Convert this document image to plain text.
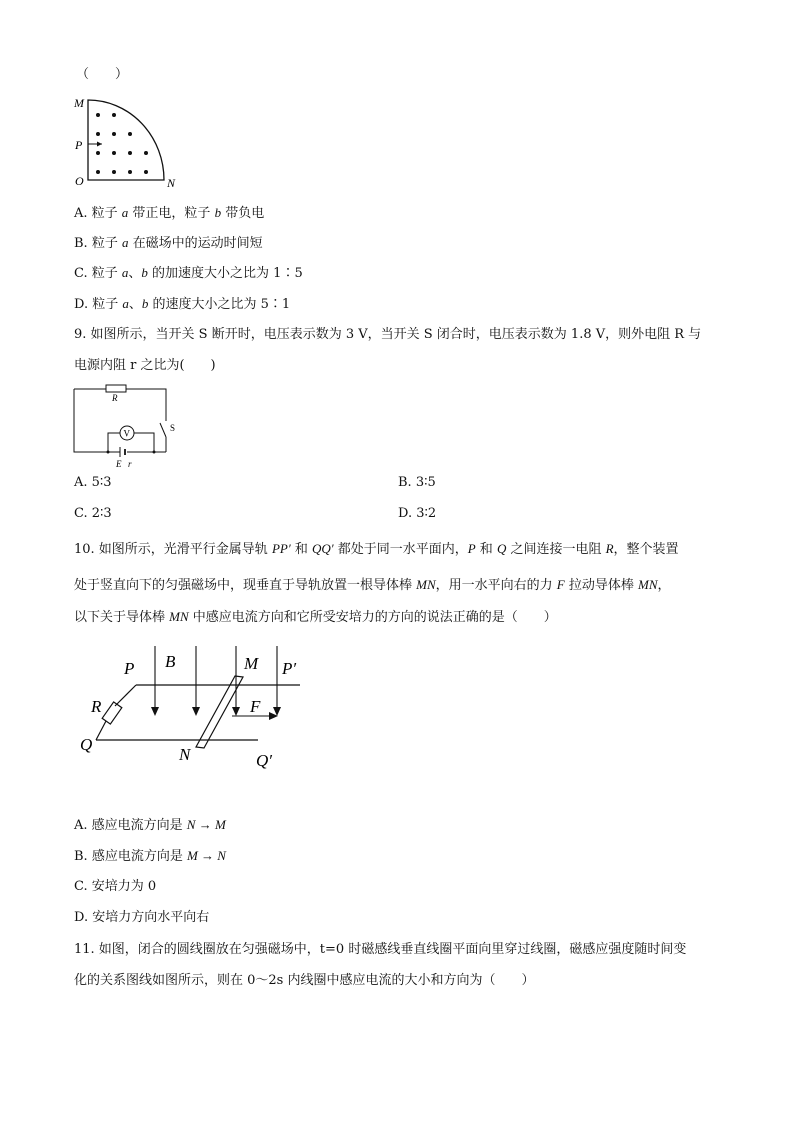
（　　）
M
P
O	N
A. 粒子 a 带正电，粒子 b 带负电
B. 粒子 a 在磁场中的运动时间短
C. 粒子 a、b 的加速度大小之比为 1∶5
D. 粒子 a、b 的速度大小之比为 5∶1
9. 如图所示，当开关 S 断开时，电压表示数为 3 V，当开关 S 闭合时，电压表示数为 1.8 V，则外电阻 R 与
电源内阻 r 之比为(　　)
R
V
S
E r
A. 5∶3	B. 3∶5
C. 2∶3	D. 3∶2
10. 如图所示，光滑平行金属导轨 PP′ 和 QQ′ 都处于同一水平面内，P 和 Q 之间连接一电阻 R，整个装置
处于竖直向下的匀强磁场中，现垂直于导轨放置一根导体棒 MN，用一水平向右的力 F 拉动导体棒 MN，
以下关于导体棒 MN 中感应电流方向和它所受安培力的方向的说法正确的是（　　）
P B	M P′
R	F
Q
N	Q′
A. 感应电流方向是 N → M
B. 感应电流方向是 M → N
C. 安培力为 0
D. 安培力方向水平向右
11. 如图，闭合的圆线圈放在匀强磁场中，t=0 时磁感线垂直线圈平面向里穿过线圈，磁感应强度随时间变
化的关系图线如图所示，则在 0～2s 内线圈中感应电流的大小和方向为（　　）
